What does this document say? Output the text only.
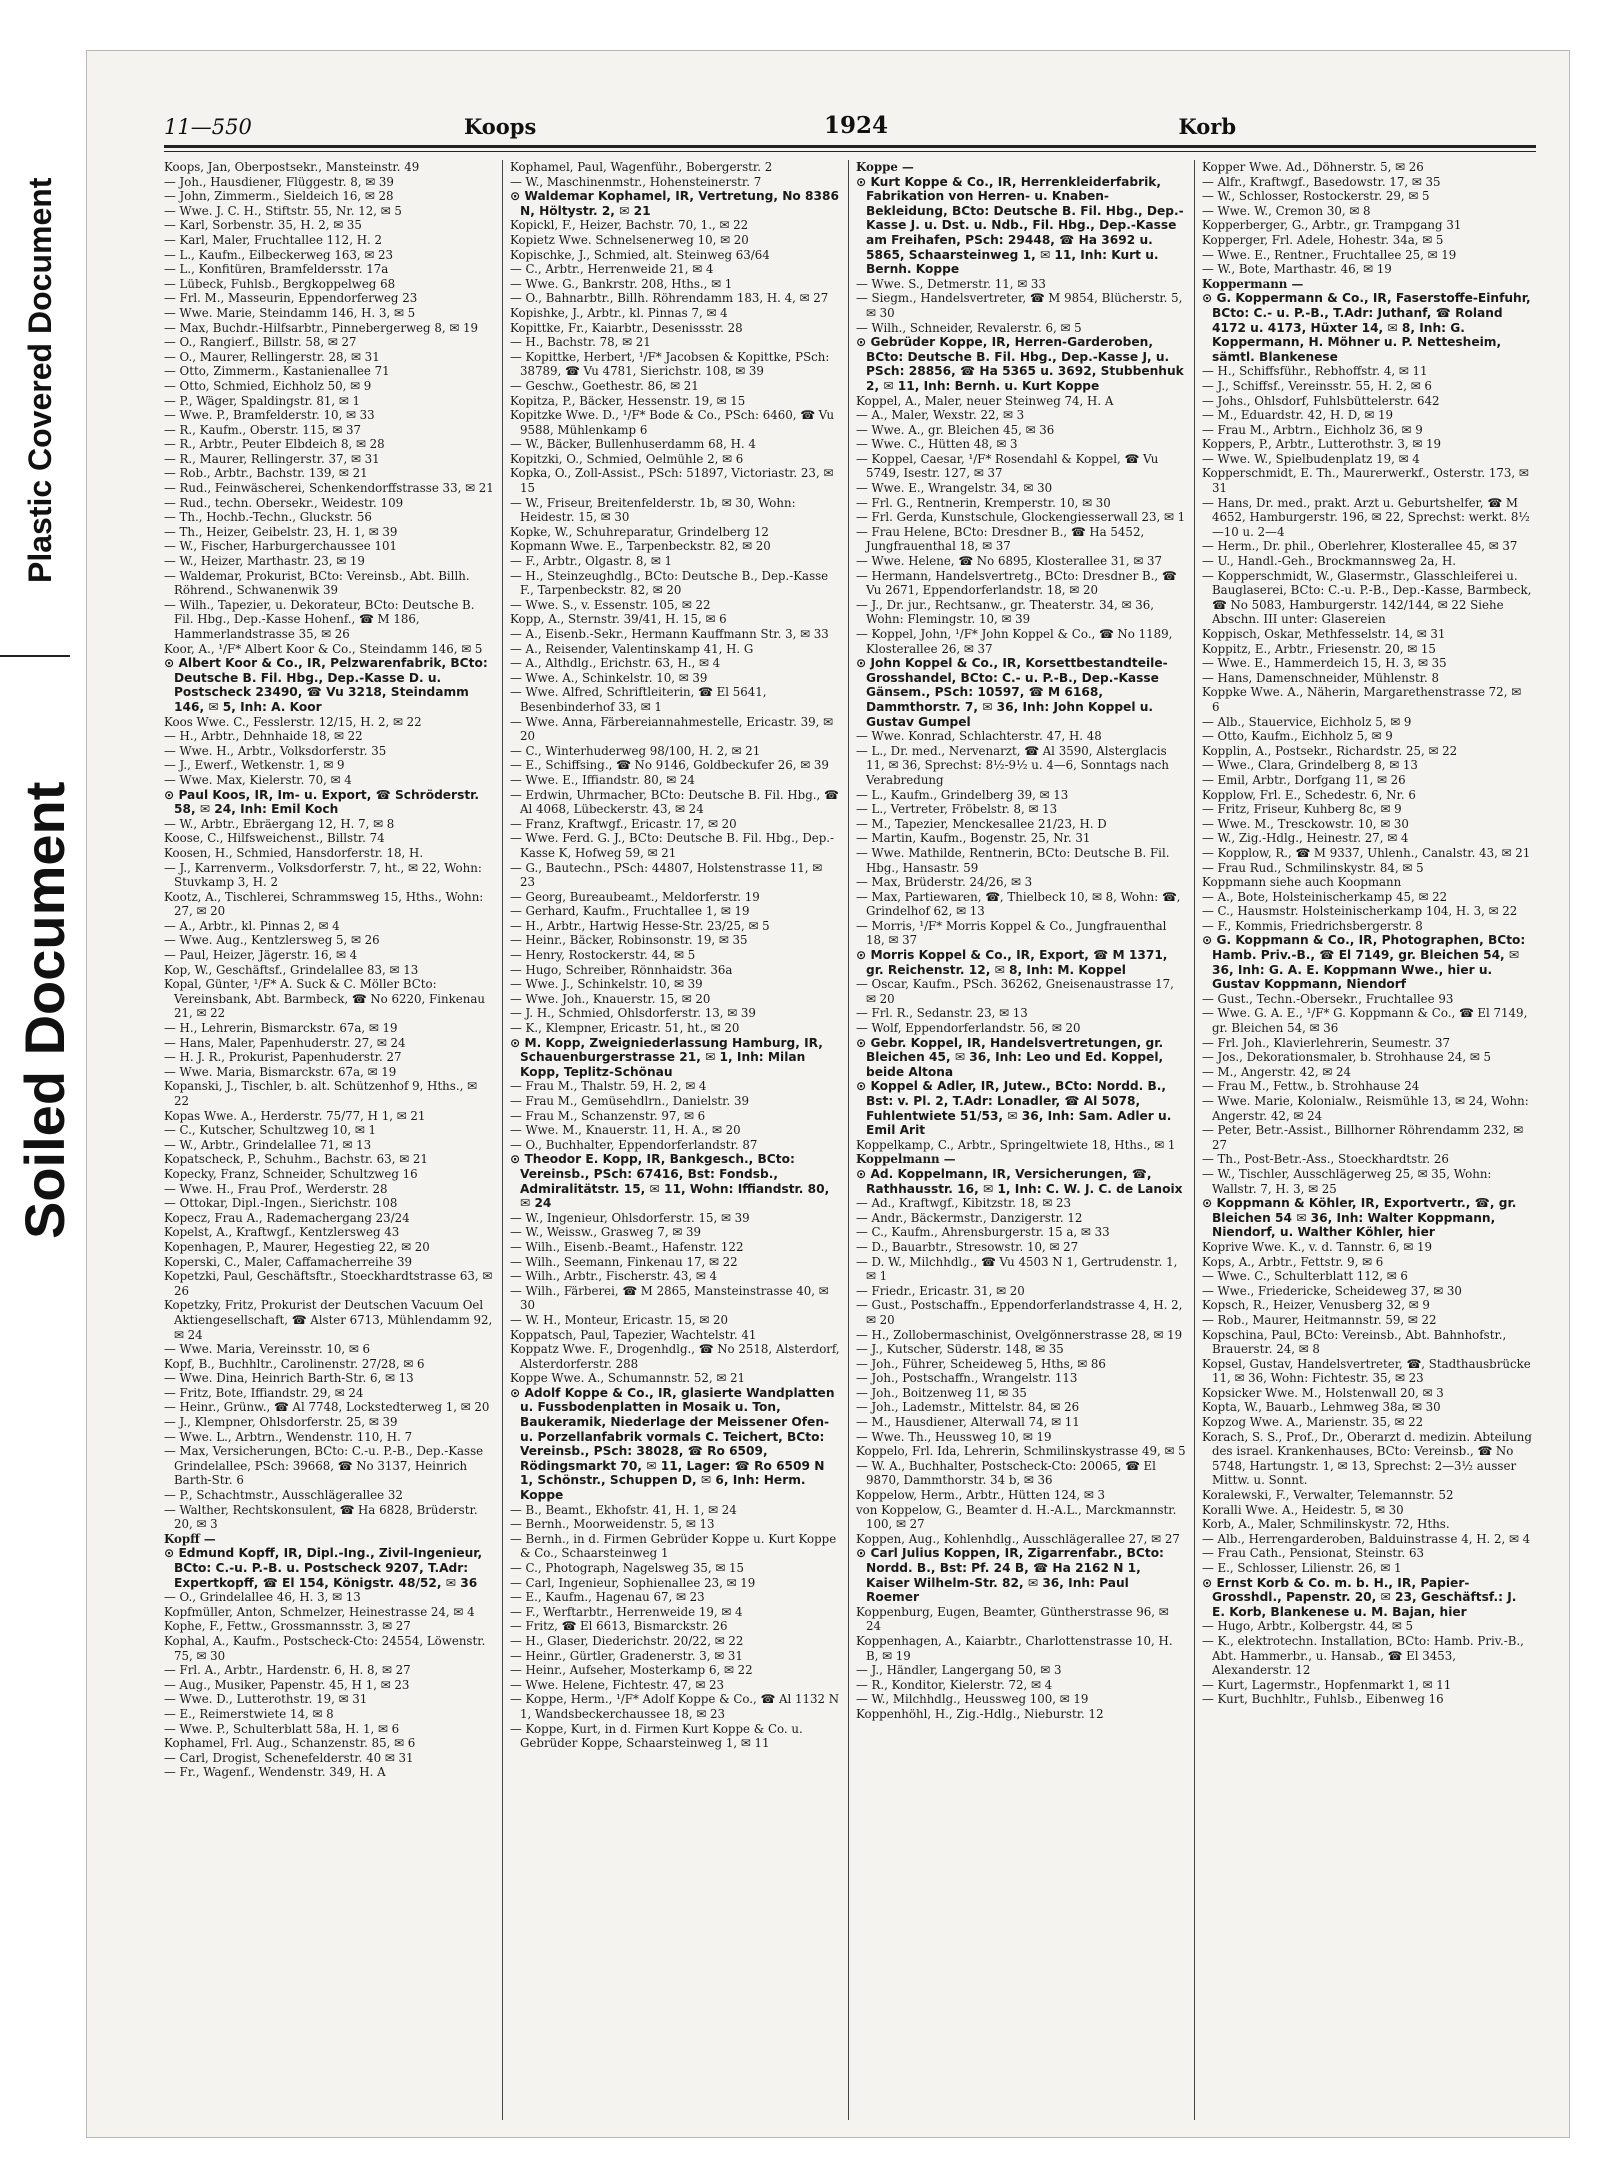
Plastic Covered Document
Soiled Document
11—550	Koops	1924	Korb

Koops, Jan, Oberpostsekr., Mansteinstr. 49

— Joh., Hausdiener, Flüggestr. 8, ✉ 39

— John, Zimmerm., Sieldeich 16, ✉ 28

— Wwe. J. C. H., Stiftstr. 55, Nr. 12, ✉ 5

— Karl, Sorbenstr. 35, H. 2, ✉ 35

— Karl, Maler, Fruchtallee 112, H. 2

— L., Kaufm., Eilbeckerweg 163, ✉ 23

— L., Konfitüren, Bramfeldersstr. 17a

— Lübeck, Fuhlsb., Bergkoppelweg 68

— Frl. M., Masseurin, Eppendorferweg 23

— Wwe. Marie, Steindamm 146, H. 3, ✉ 5

— Max, Buchdr.-Hilfsarbtr., Pinnebergerweg 8, ✉ 19

— O., Rangierf., Billstr. 58, ✉ 27

— O., Maurer, Rellingerstr. 28, ✉ 31

— Otto, Zimmerm., Kastanienallee 71

— Otto, Schmied, Eichholz 50, ✉ 9

— P., Wäger, Spaldingstr. 81, ✉ 1

— Wwe. P., Bramfelderstr. 10, ✉ 33

— R., Kaufm., Oberstr. 115, ✉ 37

— R., Arbtr., Peuter Elbdeich 8, ✉ 28

— R., Maurer, Rellingerstr. 37, ✉ 31

— Rob., Arbtr., Bachstr. 139, ✉ 21

— Rud., Feinwäscherei, Schenkendorffstrasse 33, ✉ 21

— Rud., techn. Obersekr., Weidestr. 109

— Th., Hochb.-Techn., Gluckstr. 56

— Th., Heizer, Geibelstr. 23, H. 1, ✉ 39

— W., Fischer, Harburgerchaussee 101

— W., Heizer, Marthastr. 23, ✉ 19

— Waldemar, Prokurist, BCto: Vereinsb., Abt. Billh. Röhrend., Schwanenwik 39

— Wilh., Tapezier, u. Dekorateur, BCto: Deutsche B. Fil. Hbg., Dep.-Kasse Hohenf., ☎ M 186, Hammerlandstrasse 35, ✉ 26

Koor, A., ¹/F* Albert Koor & Co., Steindamm 146, ✉ 5

⊙ Albert Koor & Co., IR, Pelzwarenfabrik, BCto: Deutsche B. Fil. Hbg., Dep.-Kasse D. u. Postscheck 23490, ☎ Vu 3218, Steindamm 146, ✉ 5, Inh: A. Koor

Koos Wwe. C., Fesslerstr. 12/15, H. 2, ✉ 22

— H., Arbtr., Dehnhaide 18, ✉ 22

— Wwe. H., Arbtr., Volksdorferstr. 35

— J., Ewerf., Wetkenstr. 1, ✉ 9

— Wwe. Max, Kielerstr. 70, ✉ 4

⊙ Paul Koos, IR, Im- u. Export, ☎ Schröderstr. 58, ✉ 24, Inh: Emil Koch

— W., Arbtr., Ebräergang 12, H. 7, ✉ 8

Koose, C., Hilfsweichenst., Billstr. 74

Koosen, H., Schmied, Hansdorferstr. 18, H.

— J., Karrenverm., Volksdorferstr. 7, ht., ✉ 22, Wohn: Stuvkamp 3, H. 2

Kootz, A., Tischlerei, Schrammsweg 15, Hths., Wohn: 27, ✉ 20

— A., Arbtr., kl. Pinnas 2, ✉ 4

— Wwe. Aug., Kentzlersweg 5, ✉ 26

— Paul, Heizer, Jägerstr. 16, ✉ 4

Kop, W., Geschäftsf., Grindelallee 83, ✉ 13

Kopal, Günter, ¹/F* A. Suck & C. Möller BCto: Vereinsbank, Abt. Barmbeck, ☎ No 6220, Finkenau 21, ✉ 22

— H., Lehrerin, Bismarckstr. 67a, ✉ 19

— Hans, Maler, Papenhuderstr. 27, ✉ 24

— H. J. R., Prokurist, Papenhuderstr. 27

— Wwe. Maria, Bismarckstr. 67a, ✉ 19

Kopanski, J., Tischler, b. alt. Schützenhof 9, Hths., ✉ 22

Kopas Wwe. A., Herderstr. 75/77, H 1, ✉ 21

— C., Kutscher, Schultzweg 10, ✉ 1

— W., Arbtr., Grindelallee 71, ✉ 13

Kopatscheck, P., Schuhm., Bachstr. 63, ✉ 21

Kopecky, Franz, Schneider, Schultzweg 16

— Wwe. H., Frau Prof., Werderstr. 28

— Ottokar, Dipl.-Ingen., Sierichstr. 108

Kopecz, Frau A., Rademachergang 23/24

Kopelst, A., Kraftwgf., Kentzlersweg 43

Kopenhagen, P., Maurer, Hegestieg 22, ✉ 20

Koperski, C., Maler, Caffamacherreihe 39

Kopetzki, Paul, Geschäftsftr., Stoeckhardtstrasse 63, ✉ 26

Kopetzky, Fritz, Prokurist der Deutschen Vacuum Oel Aktiengesellschaft, ☎ Alster 6713, Mühlendamm 92, ✉ 24

— Wwe. Maria, Vereinsstr. 10, ✉ 6

Kopf, B., Buchhltr., Carolinenstr. 27/28, ✉ 6

— Wwe. Dina, Heinrich Barth-Str. 6, ✉ 13

— Fritz, Bote, Iffiandstr. 29, ✉ 24

— Heinr., Grünw., ☎ Al 7748, Lockstedterweg 1, ✉ 20

— J., Klempner, Ohlsdorferstr. 25, ✉ 39

— Wwe. L., Arbtrn., Wendenstr. 110, H. 7

— Max, Versicherungen, BCto: C.-u. P.-B., Dep.-Kasse Grindelallee, PSch: 39668, ☎ No 3137, Heinrich Barth-Str. 6

— P., Schachtmstr., Ausschlägerallee 32

— Walther, Rechtskonsulent, ☎ Ha 6828, Brüderstr. 20, ✉ 3

Kopff —

⊙ Edmund Kopff, IR, Dipl.-Ing., Zivil-Ingenieur, BCto: C.-u. P.-B. u. Postscheck 9207, T.Adr: Expertkopff, ☎ El 154, Königstr. 48/52, ✉ 36

— O., Grindelallee 46, H. 3, ✉ 13

Kopfmüller, Anton, Schmelzer, Heinestrasse 24, ✉ 4

Kophe, F., Fettw., Grossmannsstr. 3, ✉ 27

Kophal, A., Kaufm., Postscheck-Cto: 24554, Löwenstr. 75, ✉ 30

— Frl. A., Arbtr., Hardenstr. 6, H. 8, ✉ 27

— Aug., Musiker, Papenstr. 45, H 1, ✉ 23

— Wwe. D., Lutterothstr. 19, ✉ 31

— E., Reimerstwiete 14, ✉ 8

— Wwe. P., Schulterblatt 58a, H. 1, ✉ 6

Kophamel, Frl. Aug., Schanzenstr. 85, ✉ 6

— Carl, Drogist, Schenefelderstr. 40 ✉ 31

— Fr., Wagenf., Wendenstr. 349, H. A

Kophamel, Paul, Wagenführ., Bobergerstr. 2

— W., Maschinenmstr., Hohensteinerstr. 7

⊙ Waldemar Kophamel, IR, Vertretung, No 8386 N, Höltystr. 2, ✉ 21

Kopickl, F., Heizer, Bachstr. 70, 1., ✉ 22

Kopietz Wwe. Schnelsenerweg 10, ✉ 20

Kopischke, J., Schmied, alt. Steinweg 63/64

— C., Arbtr., Herrenweide 21, ✉ 4

— Wwe. G., Bankrstr. 208, Hths., ✉ 1

— O., Bahnarbtr., Billh. Röhrendamm 183, H. 4, ✉ 27

Kopishke, J., Arbtr., kl. Pinnas 7, ✉ 4

Kopittke, Fr., Kaiarbtr., Desenissstr. 28

— H., Bachstr. 78, ✉ 21

— Kopittke, Herbert, ¹/F* Jacobsen & Kopittke, PSch: 38789, ☎ Vu 4781, Sierichstr. 108, ✉ 39

— Geschw., Goethestr. 86, ✉ 21

Kopitza, P., Bäcker, Hessenstr. 19, ✉ 15

Kopitzke Wwe. D., ¹/F* Bode & Co., PSch: 6460, ☎ Vu 9588, Mühlenkamp 6

— W., Bäcker, Bullenhuserdamm 68, H. 4

Kopitzki, O., Schmied, Oelmühle 2, ✉ 6

Kopka, O., Zoll-Assist., PSch: 51897, Victoriastr. 23, ✉ 15

— W., Friseur, Breitenfelderstr. 1b, ✉ 30, Wohn: Heidestr. 15, ✉ 30

Kopke, W., Schuhreparatur, Grindelberg 12

Kopmann Wwe. E., Tarpenbeckstr. 82, ✉ 20

— F., Arbtr., Olgastr. 8, ✉ 1

— H., Steinzeughdlg., BCto: Deutsche B., Dep.-Kasse F., Tarpenbeckstr. 82, ✉ 20

— Wwe. S., v. Essenstr. 105, ✉ 22

Kopp, A., Sternstr. 39/41, H. 15, ✉ 6

— A., Eisenb.-Sekr., Hermann Kauffmann Str. 3, ✉ 33

— A., Reisender, Valentinskamp 41, H. G

— A., Althdlg., Erichstr. 63, H., ✉ 4

— Wwe. A., Schinkelstr. 10, ✉ 39

— Wwe. Alfred, Schriftleiterin, ☎ El 5641, Besenbinderhof 33, ✉ 1

— Wwe. Anna, Färbereiannahmestelle, Ericastr. 39, ✉ 20

— C., Winterhuderweg 98/100, H. 2, ✉ 21

— E., Schiffsing., ☎ No 9146, Goldbeckufer 26, ✉ 39

— Wwe. E., Iffiandstr. 80, ✉ 24

— Erdwin, Uhrmacher, BCto: Deutsche B. Fil. Hbg., ☎ Al 4068, Lübeckerstr. 43, ✉ 24

— Franz, Kraftwgf., Ericastr. 17, ✉ 20

— Wwe. Ferd. G. J., BCto: Deutsche B. Fil. Hbg., Dep.-Kasse K, Hofweg 59, ✉ 21

— G., Bautechn., PSch: 44807, Holstenstrasse 11, ✉ 23

— Georg, Bureaubeamt., Meldorferstr. 19

— Gerhard, Kaufm., Fruchtallee 1, ✉ 19

— H., Arbtr., Hartwig Hesse-Str. 23/25, ✉ 5

— Heinr., Bäcker, Robinsonstr. 19, ✉ 35

— Henry, Rostockerstr. 44, ✉ 5

— Hugo, Schreiber, Rönnhaidstr. 36a

— Wwe. J., Schinkelstr. 10, ✉ 39

— Wwe. Joh., Knauerstr. 15, ✉ 20

— J. H., Schmied, Ohlsdorferstr. 13, ✉ 39

— K., Klempner, Ericastr. 51, ht., ✉ 20

⊙ M. Kopp, Zweigniederlassung Hamburg, IR, Schauenburgerstrasse 21, ✉ 1, Inh: Milan Kopp, Teplitz-Schönau

— Frau M., Thalstr. 59, H. 2, ✉ 4

— Frau M., Gemüsehdlrn., Danielstr. 39

— Frau M., Schanzenstr. 97, ✉ 6

— Wwe. M., Knauerstr. 11, H. A., ✉ 20

— O., Buchhalter, Eppendorferlandstr. 87

⊙ Theodor E. Kopp, IR, Bankgesch., BCto: Vereinsb., PSch: 67416, Bst: Fondsb., Admiralitätstr. 15, ✉ 11, Wohn: Iffiandstr. 80, ✉ 24

— W., Ingenieur, Ohlsdorferstr. 15, ✉ 39

— W., Weissw., Grasweg 7, ✉ 39

— Wilh., Eisenb.-Beamt., Hafenstr. 122

— Wilh., Seemann, Finkenau 17, ✉ 22

— Wilh., Arbtr., Fischerstr. 43, ✉ 4

— Wilh., Färberei, ☎ M 2865, Mansteinstrasse 40, ✉ 30

— W. H., Monteur, Ericastr. 15, ✉ 20

Koppatsch, Paul, Tapezier, Wachtelstr. 41

Koppatz Wwe. F., Drogenhdlg., ☎ No 2518, Alsterdorf, Alsterdorferstr. 288

Koppe Wwe. A., Schumannstr. 52, ✉ 21

⊙ Adolf Koppe & Co., IR, glasierte Wandplatten u. Fussbodenplatten in Mosaik u. Ton, Baukeramik, Niederlage der Meissener Ofen- u. Porzellanfabrik vormals C. Teichert, BCto: Vereinsb., PSch: 38028, ☎ Ro 6509, Rödingsmarkt 70, ✉ 11, Lager: ☎ Ro 6509 N 1, Schönstr., Schuppen D, ✉ 6, Inh: Herm. Koppe

— B., Beamt., Ekhofstr. 41, H. 1, ✉ 24

— Bernh., Moorweidenstr. 5, ✉ 13

— Bernh., in d. Firmen Gebrüder Koppe u. Kurt Koppe & Co., Schaarsteinweg 1

— C., Photograph, Nagelsweg 35, ✉ 15

— Carl, Ingenieur, Sophienallee 23, ✉ 19

— E., Kaufm., Hagenau 67, ✉ 23

— F., Werftarbtr., Herrenweide 19, ✉ 4

— Fritz, ☎ El 6613, Bismarckstr. 26

— H., Glaser, Diederichstr. 20/22, ✉ 22

— Heinr., Gürtler, Gradenerstr. 3, ✉ 31

— Heinr., Aufseher, Mosterkamp 6, ✉ 22

— Wwe. Helene, Fichtestr. 47, ✉ 23

— Koppe, Herm., ¹/F* Adolf Koppe & Co., ☎ Al 1132 N 1, Wandsbeckerchaussee 18, ✉ 23

— Koppe, Kurt, in d. Firmen Kurt Koppe & Co. u. Gebrüder Koppe, Schaarsteinweg 1, ✉ 11

Koppe —

⊙ Kurt Koppe & Co., IR, Herrenkleiderfabrik, Fabrikation von Herren- u. Knaben-Bekleidung, BCto: Deutsche B. Fil. Hbg., Dep.-Kasse J. u. Dst. u. Ndb., Fil. Hbg., Dep.-Kasse am Freihafen, PSch: 29448, ☎ Ha 3692 u. 5865, Schaarsteinweg 1, ✉ 11, Inh: Kurt u. Bernh. Koppe

— Wwe. S., Detmerstr. 11, ✉ 33

— Siegm., Handelsvertreter, ☎ M 9854, Blücherstr. 5, ✉ 30

— Wilh., Schneider, Revalerstr. 6, ✉ 5

⊙ Gebrüder Koppe, IR, Herren-Garderoben, BCto: Deutsche B. Fil. Hbg., Dep.-Kasse J, u. PSch: 28856, ☎ Ha 5365 u. 3692, Stubbenhuk 2, ✉ 11, Inh: Bernh. u. Kurt Koppe

Koppel, A., Maler, neuer Steinweg 74, H. A

— A., Maler, Wexstr. 22, ✉ 3

— Wwe. A., gr. Bleichen 45, ✉ 36

— Wwe. C., Hütten 48, ✉ 3

— Koppel, Caesar, ¹/F* Rosendahl & Koppel, ☎ Vu 5749, Isestr. 127, ✉ 37

— Wwe. E., Wrangelstr. 34, ✉ 30

— Frl. G., Rentnerin, Kremperstr. 10, ✉ 30

— Frl. Gerda, Kunstschule, Glockengiesserwall 23, ✉ 1

— Frau Helene, BCto: Dresdner B., ☎ Ha 5452, Jungfrauenthal 18, ✉ 37

— Wwe. Helene, ☎ No 6895, Klosterallee 31, ✉ 37

— Hermann, Handelsvertretg., BCto: Dresdner B., ☎ Vu 2671, Eppendorferlandstr. 18, ✉ 20

— J., Dr. jur., Rechtsanw., gr. Theaterstr. 34, ✉ 36, Wohn: Flemingstr. 10, ✉ 39

— Koppel, John, ¹/F* John Koppel & Co., ☎ No 1189, Klosterallee 26, ✉ 37

⊙ John Koppel & Co., IR, Korsettbestandteile-Grosshandel, BCto: C.- u. P.-B., Dep.-Kasse Gänsem., PSch: 10597, ☎ M 6168, Dammthorstr. 7, ✉ 36, Inh: John Koppel u. Gustav Gumpel

— Wwe. Konrad, Schlachterstr. 47, H. 48

— L., Dr. med., Nervenarzt, ☎ Al 3590, Alsterglacis 11, ✉ 36, Sprechst: 8½-9½ u. 4—6, Sonntags nach Verabredung

— L., Kaufm., Grindelberg 39, ✉ 13

— L., Vertreter, Fröbelstr. 8, ✉ 13

— M., Tapezier, Menckesallee 21/23, H. D

— Martin, Kaufm., Bogenstr. 25, Nr. 31

— Wwe. Mathilde, Rentnerin, BCto: Deutsche B. Fil. Hbg., Hansastr. 59

— Max, Brüderstr. 24/26, ✉ 3

— Max, Partiewaren, ☎, Thielbeck 10, ✉ 8, Wohn: ☎, Grindelhof 62, ✉ 13

— Morris, ¹/F* Morris Koppel & Co., Jungfrauenthal 18, ✉ 37

⊙ Morris Koppel & Co., IR, Export, ☎ M 1371, gr. Reichenstr. 12, ✉ 8, Inh: M. Koppel

— Oscar, Kaufm., PSch. 36262, Gneisenaustrasse 17, ✉ 20

— Frl. R., Sedanstr. 23, ✉ 13

— Wolf, Eppendorferlandstr. 56, ✉ 20

⊙ Gebr. Koppel, IR, Handelsvertretungen, gr. Bleichen 45, ✉ 36, Inh: Leo und Ed. Koppel, beide Altona

⊙ Koppel & Adler, IR, Jutew., BCto: Nordd. B., Bst: v. Pl. 2, T.Adr: Lonadler, ☎ Al 5078, Fuhlentwiete 51/53, ✉ 36, Inh: Sam. Adler u. Emil Arit

Koppelkamp, C., Arbtr., Springeltwiete 18, Hths., ✉ 1

Koppelmann —

⊙ Ad. Koppelmann, IR, Versicherungen, ☎, Rathhausstr. 16, ✉ 1, Inh: C. W. J. C. de Lanoix

— Ad., Kraftwgf., Kibitzstr. 18, ✉ 23

— Andr., Bäckermstr., Danzigerstr. 12

— C., Kaufm., Ahrensburgerstr. 15 a, ✉ 33

— D., Bauarbtr., Stresowstr. 10, ✉ 27

— D. W., Milchhdlg., ☎ Vu 4503 N 1, Gertrudenstr. 1, ✉ 1

— Friedr., Ericastr. 31, ✉ 20

— Gust., Postschaffn., Eppendorferlandstrasse 4, H. 2, ✉ 20

— H., Zollobermaschinist, Ovelgönnerstrasse 28, ✉ 19

— J., Kutscher, Süderstr. 148, ✉ 35

— Joh., Führer, Scheideweg 5, Hths, ✉ 86

— Joh., Postschaffn., Wrangelstr. 113

— Joh., Boitzenweg 11, ✉ 35

— Joh., Lademstr., Mittelstr. 84, ✉ 26

— M., Hausdiener, Alterwall 74, ✉ 11

— Wwe. Th., Heussweg 10, ✉ 19

Koppelo, Frl. Ida, Lehrerin, Schmilinskystrasse 49, ✉ 5

— W. A., Buchhalter, Postscheck-Cto: 20065, ☎ El 9870, Dammthorstr. 34 b, ✉ 36

Koppelow, Herm., Arbtr., Hütten 124, ✉ 3

von Koppelow, G., Beamter d. H.-A.L., Marckmannstr. 100, ✉ 27

Koppen, Aug., Kohlenhdlg., Ausschlägerallee 27, ✉ 27

⊙ Carl Julius Koppen, IR, Zigarrenfabr., BCto: Nordd. B., Bst: Pf. 24 B, ☎ Ha 2162 N 1, Kaiser Wilhelm-Str. 82, ✉ 36, Inh: Paul Roemer

Koppenburg, Eugen, Beamter, Güntherstrasse 96, ✉ 24

Koppenhagen, A., Kaiarbtr., Charlottenstrasse 10, H. B, ✉ 19

— J., Händler, Langergang 50, ✉ 3

— R., Konditor, Kielerstr. 72, ✉ 4

— W., Milchhdlg., Heussweg 100, ✉ 19

Koppenhöhl, H., Zig.-Hdlg., Nieburstr. 12

Kopper Wwe. Ad., Döhnerstr. 5, ✉ 26

— Alfr., Kraftwgf., Basedowstr. 17, ✉ 35

— W., Schlosser, Rostockerstr. 29, ✉ 5

— Wwe. W., Cremon 30, ✉ 8

Kopperberger, G., Arbtr., gr. Trampgang 31

Kopperger, Frl. Adele, Hohestr. 34a, ✉ 5

— Wwe. E., Rentner., Fruchtallee 25, ✉ 19

— W., Bote, Marthastr. 46, ✉ 19

Koppermann —

⊙ G. Koppermann & Co., IR, Faserstoffe-Einfuhr, BCto: C.- u. P.-B., T.Adr: Juthanf, ☎ Roland 4172 u. 4173, Hüxter 14, ✉ 8, Inh: G. Koppermann, H. Möhner u. P. Nettesheim, sämtl. Blankenese

— H., Schiffsführ., Rebhoffstr. 4, ✉ 11

— J., Schiffsf., Vereinsstr. 55, H. 2, ✉ 6

— Johs., Ohlsdorf, Fuhlsbüttelerstr. 642

— M., Eduardstr. 42, H. D, ✉ 19

— Frau M., Arbtrn., Eichholz 36, ✉ 9

Koppers, P., Arbtr., Lutterothstr. 3, ✉ 19

— Wwe. W., Spielbudenplatz 19, ✉ 4

Kopperschmidt, E. Th., Maurerwerkf., Osterstr. 173, ✉ 31

— Hans, Dr. med., prakt. Arzt u. Geburtshelfer, ☎ M 4652, Hamburgerstr. 196, ✉ 22, Sprechst: werkt. 8½—10 u. 2—4

— Herm., Dr. phil., Oberlehrer, Klosterallee 45, ✉ 37

— U., Handl.-Geh., Brockmannsweg 2a, H.

— Kopperschmidt, W., Glasermstr., Glasschleiferei u. Bauglaserei, BCto: C.-u. P.-B., Dep.-Kasse, Barmbeck, ☎ No 5083, Hamburgerstr. 142/144, ✉ 22 Siehe Abschn. III unter: Glasereien

Koppisch, Oskar, Methfesselstr. 14, ✉ 31

Koppitz, E., Arbtr., Friesenstr. 20, ✉ 15

— Wwe. E., Hammerdeich 15, H. 3, ✉ 35

— Hans, Damenschneider, Mühlenstr. 8

Koppke Wwe. A., Näherin, Margarethenstrasse 72, ✉ 6

— Alb., Stauervice, Eichholz 5, ✉ 9

— Otto, Kaufm., Eichholz 5, ✉ 9

Kopplin, A., Postsekr., Richardstr. 25, ✉ 22

— Wwe., Clara, Grindelberg 8, ✉ 13

— Emil, Arbtr., Dorfgang 11, ✉ 26

Kopplow, Frl. E., Schedestr. 6, Nr. 6

— Fritz, Friseur, Kuhberg 8c, ✉ 9

— Wwe. M., Tresckowstr. 10, ✉ 30

— W., Zig.-Hdlg., Heinestr. 27, ✉ 4

— Kopplow, R., ☎ M 9337, Uhlenh., Canalstr. 43, ✉ 21

— Frau Rud., Schmilinskystr. 84, ✉ 5

Koppmann siehe auch Koopmann

— A., Bote, Holsteinischerkamp 45, ✉ 22

— C., Hausmstr. Holsteinischerkamp 104, H. 3, ✉ 22

— F., Kommis, Friedrichsbergerstr. 8

⊙ G. Koppmann & Co., IR, Photographen, BCto: Hamb. Priv.-B., ☎ El 7149, gr. Bleichen 54, ✉ 36, Inh: G. A. E. Koppmann Wwe., hier u. Gustav Koppmann, Niendorf

— Gust., Techn.-Obersekr., Fruchtallee 93

— Wwe. G. A. E., ¹/F* G. Koppmann & Co., ☎ El 7149, gr. Bleichen 54, ✉ 36

— Frl. Joh., Klavierlehrerin, Seumestr. 37

— Jos., Dekorationsmaler, b. Strohhause 24, ✉ 5

— M., Angerstr. 42, ✉ 24

— Frau M., Fettw., b. Strohhause 24

— Wwe. Marie, Kolonialw., Reismühle 13, ✉ 24, Wohn: Angerstr. 42, ✉ 24

— Peter, Betr.-Assist., Billhorner Röhrendamm 232, ✉ 27

— Th., Post-Betr.-Ass., Stoeckhardtstr. 26

— W., Tischler, Ausschlägerweg 25, ✉ 35, Wohn: Wallstr. 7, H. 3, ✉ 25

⊙ Koppmann & Köhler, IR, Exportvertr., ☎, gr. Bleichen 54 ✉ 36, Inh: Walter Koppmann, Niendorf, u. Walther Köhler, hier

Koprive Wwe. K., v. d. Tannstr. 6, ✉ 19

Kops, A., Arbtr., Fettstr. 9, ✉ 6

— Wwe. C., Schulterblatt 112, ✉ 6

— Wwe., Friedericke, Scheideweg 37, ✉ 30

Kopsch, R., Heizer, Venusberg 32, ✉ 9

— Rob., Maurer, Heitmannstr. 59, ✉ 22

Kopschina, Paul, BCto: Vereinsb., Abt. Bahnhofstr., Brauerstr. 24, ✉ 8

Kopsel, Gustav, Handelsvertreter, ☎, Stadthausbrücke 11, ✉ 36, Wohn: Fichtestr. 35, ✉ 23

Kopsicker Wwe. M., Holstenwall 20, ✉ 3

Kopta, W., Bauarb., Lehmweg 38a, ✉ 30

Kopzog Wwe. A., Marienstr. 35, ✉ 22

Korach, S. S., Prof., Dr., Oberarzt d. medizin. Abteilung des israel. Krankenhauses, BCto: Vereinsb., ☎ No 5748, Hartungstr. 1, ✉ 13, Sprechst: 2—3½ ausser Mittw. u. Sonnt.

Koralewski, F., Verwalter, Telemannstr. 52

Koralli Wwe. A., Heidestr. 5, ✉ 30

Korb, A., Maler, Schmilinskystr. 72, Hths.

— Alb., Herrengarderoben, Balduinstrasse 4, H. 2, ✉ 4

— Frau Cath., Pensionat, Steinstr. 63

— E., Schlosser, Lilienstr. 26, ✉ 1

⊙ Ernst Korb & Co. m. b. H., IR, Papier-Grosshdl., Papenstr. 20, ✉ 23, Geschäftsf.: J. E. Korb, Blankenese u. M. Bajan, hier

— Hugo, Arbtr., Kolbergstr. 44, ✉ 5

— K., elektrotechn. Installation, BCto: Hamb. Priv.-B., Abt. Hammerbr., u. Hansab., ☎ El 3453, Alexanderstr. 12

— Kurt, Lagermstr., Hopfenmarkt 1, ✉ 11

— Kurt, Buchhltr., Fuhlsb., Eibenweg 16
